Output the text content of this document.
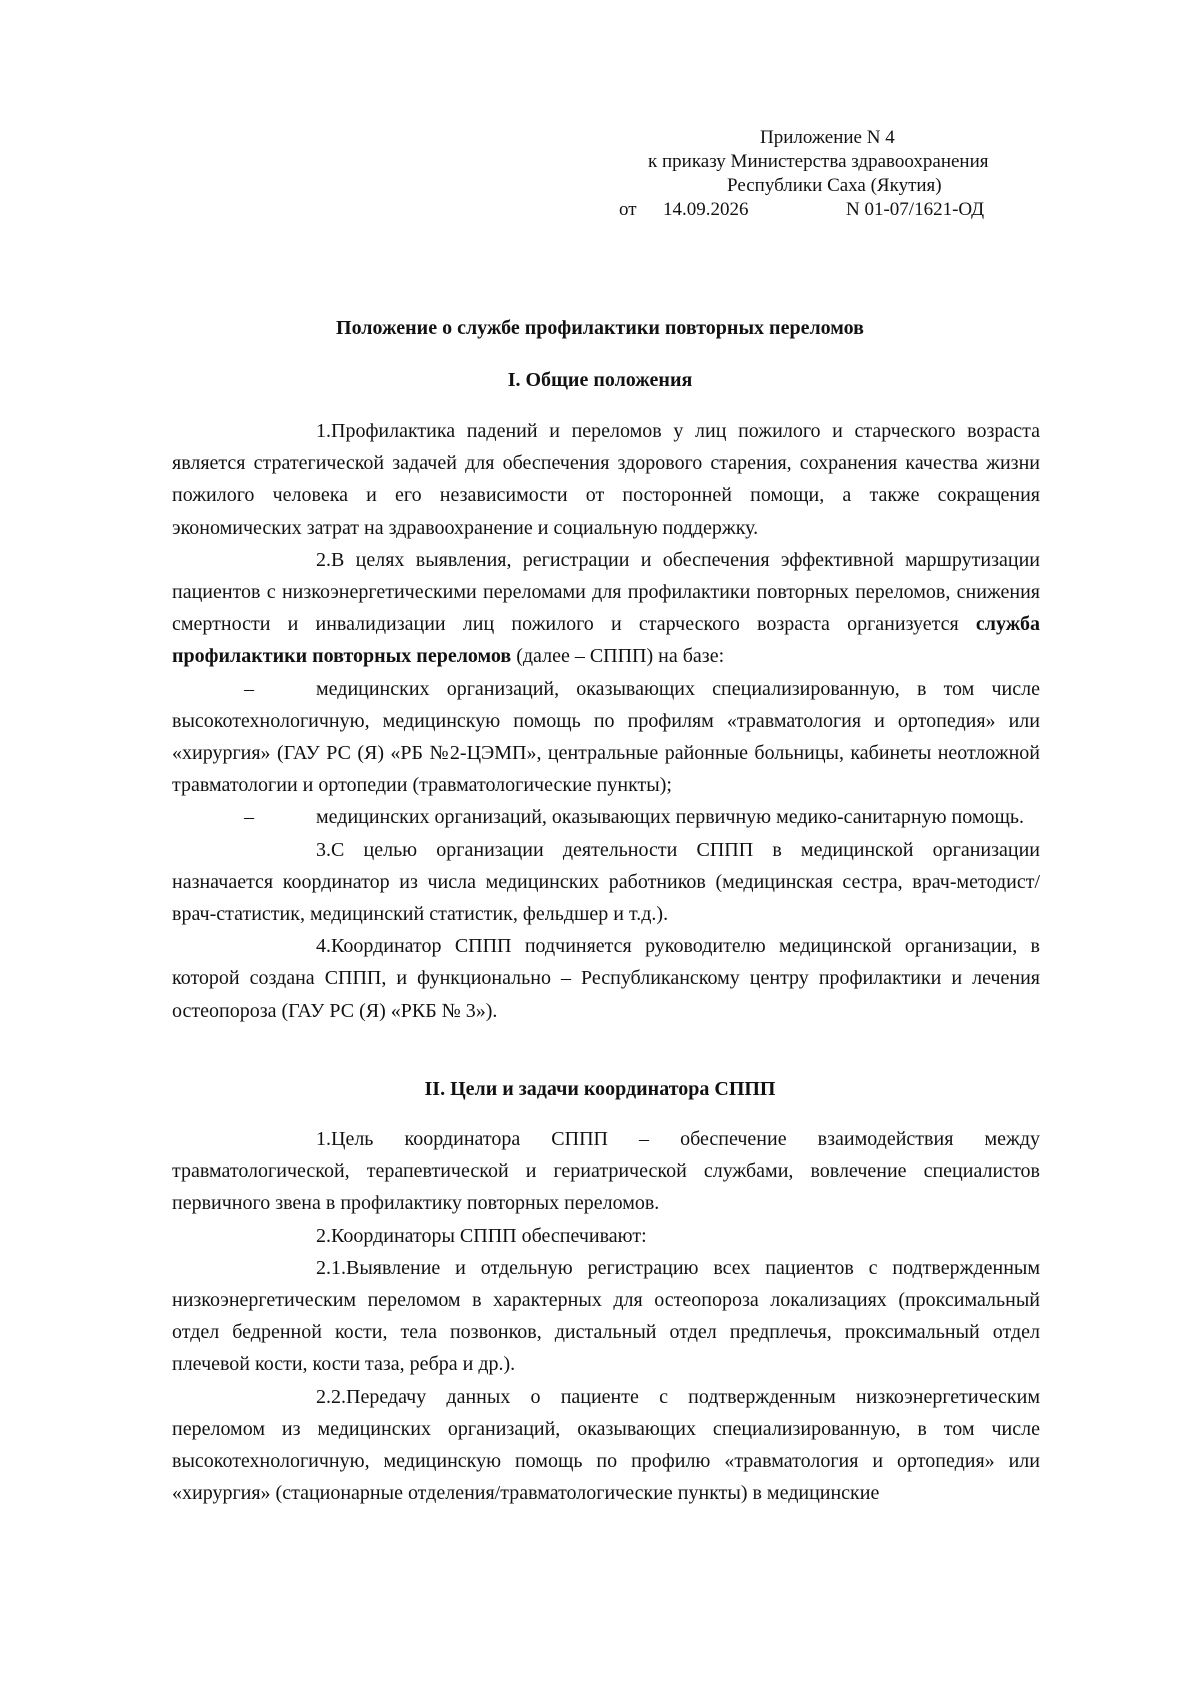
Приложение N 4
к приказу Министерства здравоохранения
Республики Саха (Якутия)
от 14.09.2026	N 01-07/1621-ОД
Положение о службе профилактики повторных переломов
I. Общие положения

1.Профилактика падений и переломов у лиц пожилого и старческого возраста является стратегической задачей для обеспечения здорового старения, сохранения качества жизни пожилого человека и его независимости от посторонней помощи, а также сокращения экономических затрат на здравоохранение и социальную поддержку.

2.В целях выявления, регистрации и обеспечения эффективной маршрутизации пациентов с низкоэнергетическими переломами для профилактики повторных переломов, снижения смертности и инвалидизации лиц пожилого и старческого возраста организуется служба профилактики повторных переломов (далее – СППП) на базе:

–	медицинских организаций, оказывающих специализированную, в том числе высокотехнологичную, медицинскую помощь по профилям «травматология и ортопедия» или «хирургия» (ГАУ РС (Я) «РБ №2-ЦЭМП», центральные районные больницы, кабинеты неотложной травматологии и ортопедии (травматологические пункты);

–	медицинских организаций, оказывающих первичную медико-санитарную помощь.

3.С целью организации деятельности СППП в медицинской организации назначается координатор из числа медицинских работников (медицинская сестра, врач-методист/врач-статистик, медицинский статистик, фельдшер и т.д.).

4.Координатор СППП подчиняется руководителю медицинской организации, в которой создана СППП, и функционально – Республиканскому центру профилактики и лечения остеопороза (ГАУ РС (Я) «РКБ № 3»).

II. Цели и задачи координатора СППП

1.Цель координатора СППП – обеспечение взаимодействия между травматологической, терапевтической и гериатрической службами, вовлечение специалистов первичного звена в профилактику повторных переломов.

2.Координаторы СППП обеспечивают:

2.1.Выявление и отдельную регистрацию всех пациентов с подтвержденным низкоэнергетическим переломом в характерных для остеопороза локализациях (проксимальный отдел бедренной кости, тела позвонков, дистальный отдел предплечья, проксимальный отдел плечевой кости, кости таза, ребра и др.).

2.2.Передачу данных о пациенте с подтвержденным низкоэнергетическим переломом из медицинских организаций, оказывающих специализированную, в том числе высокотехнологичную, медицинскую помощь по профилю «травматология и ортопедия» или «хирургия» (стационарные отделения/травматологические пункты) в медицинские
